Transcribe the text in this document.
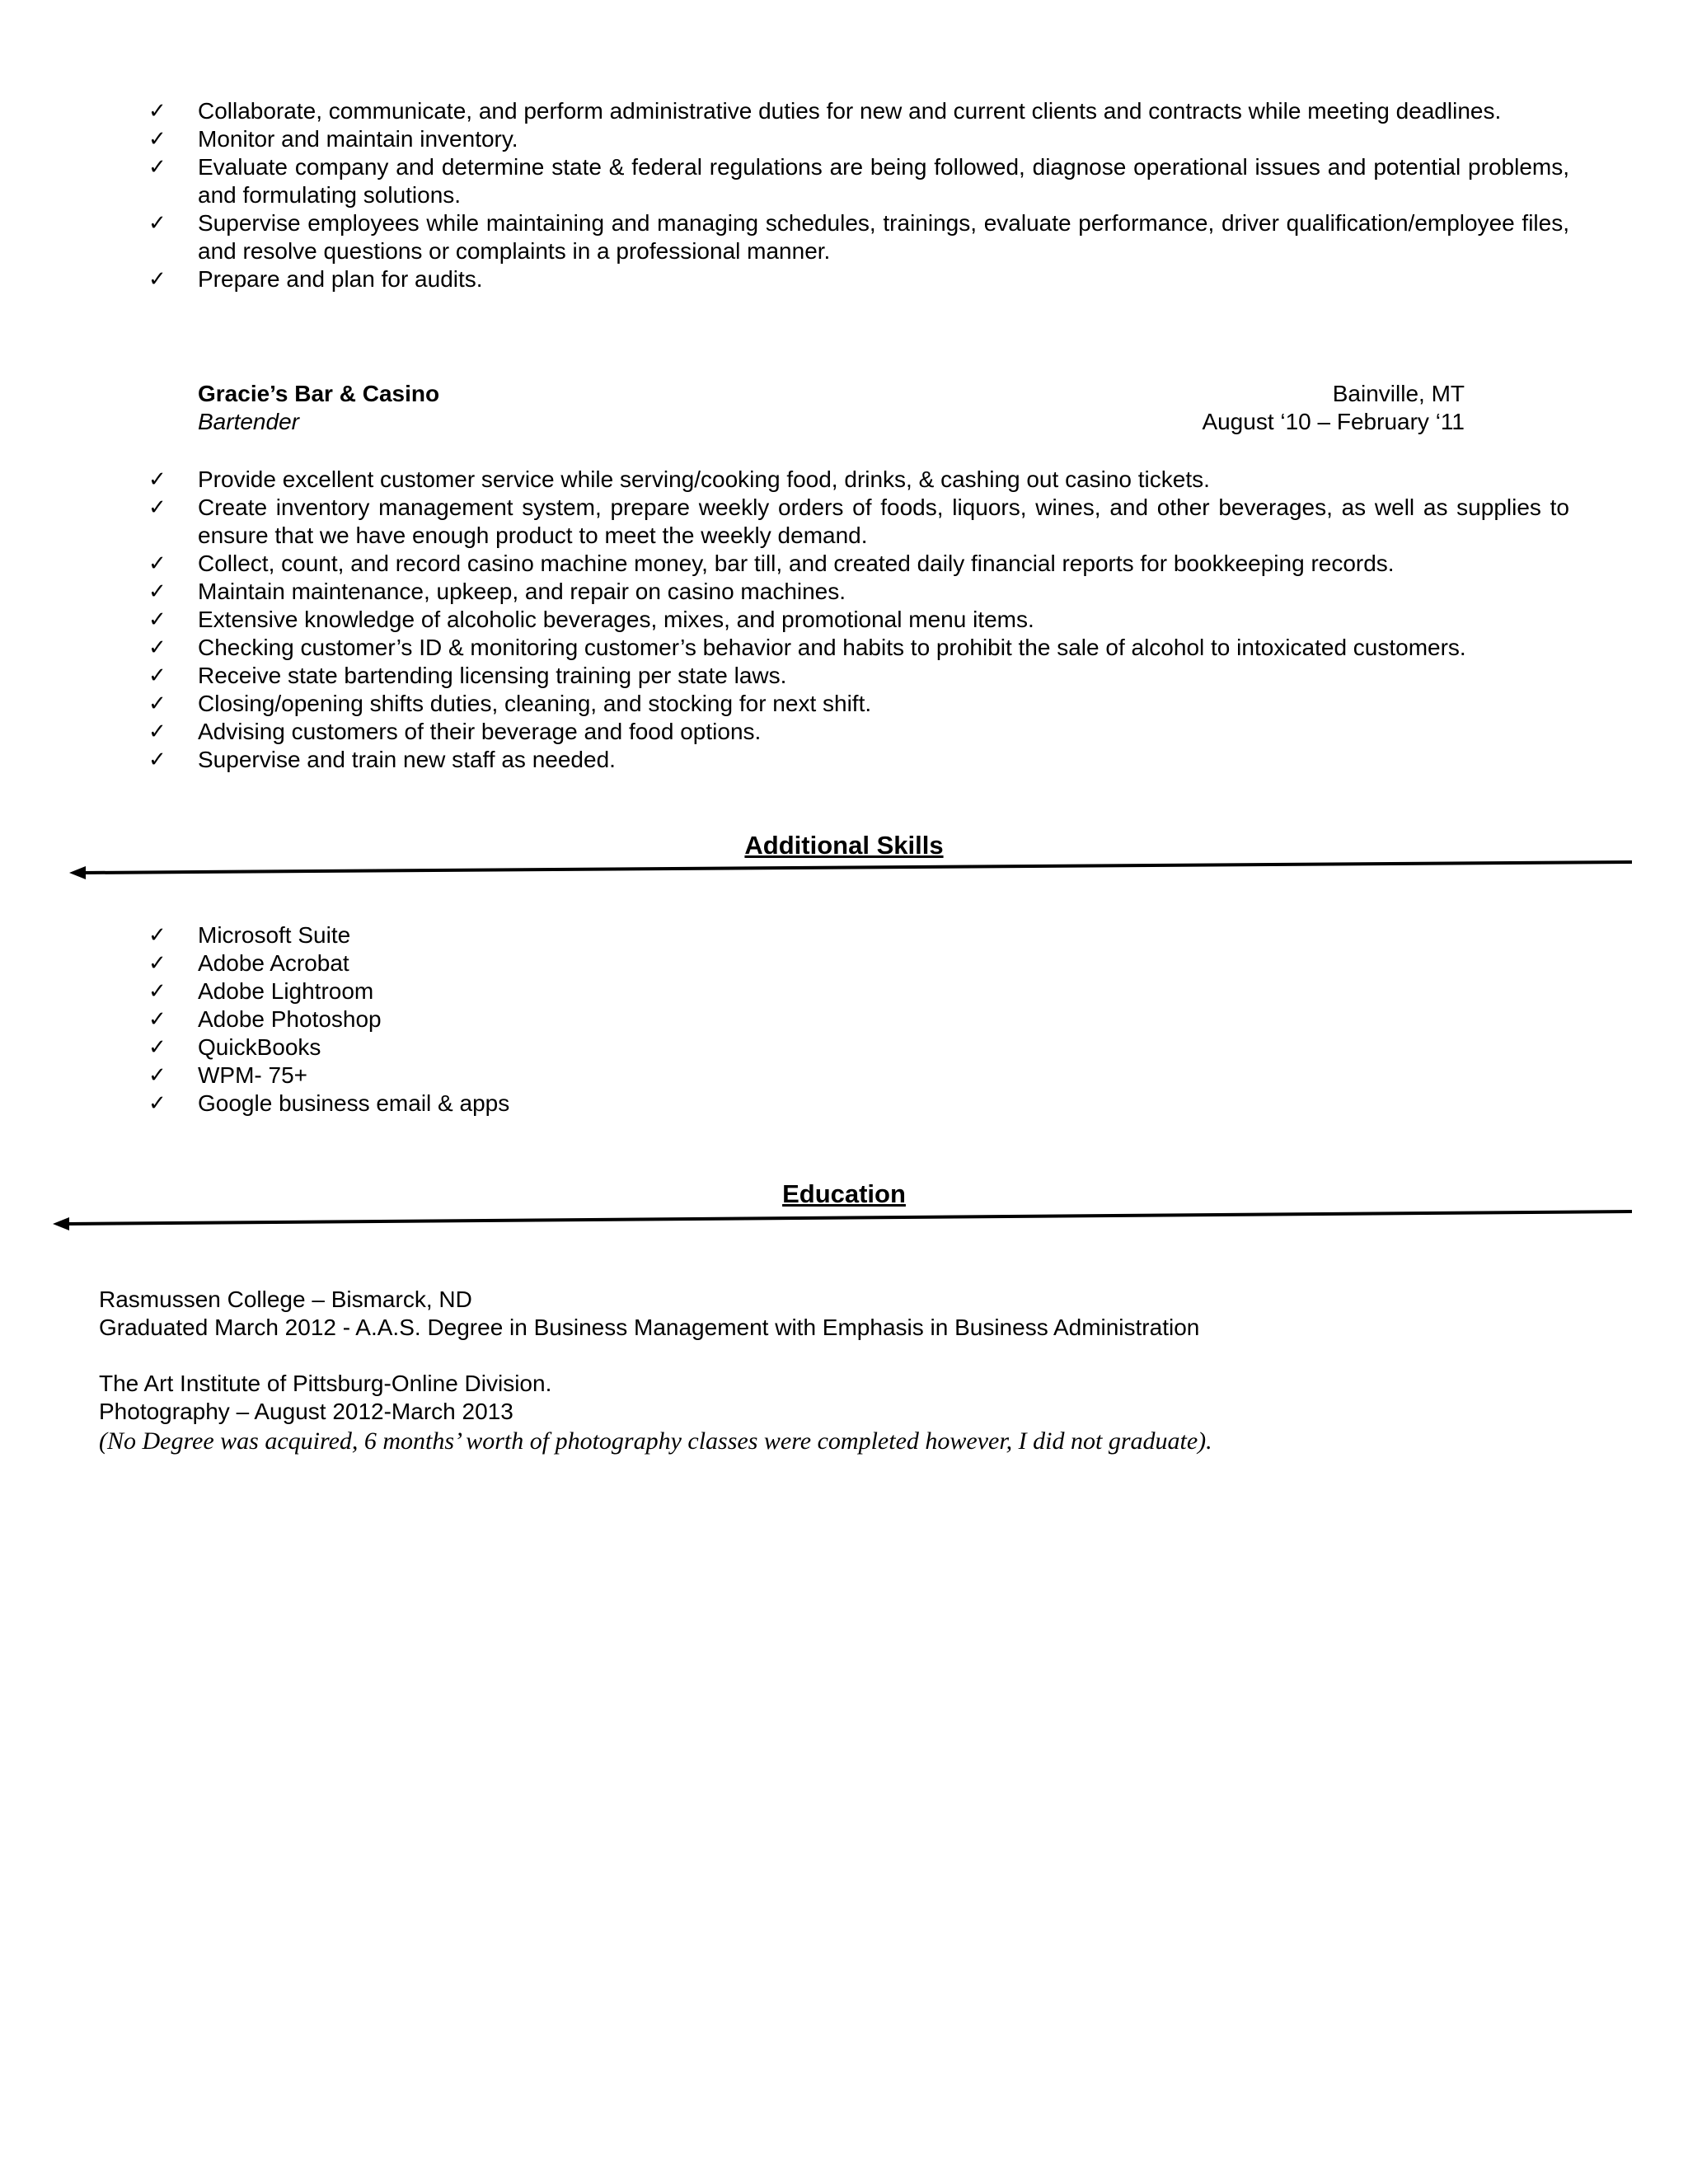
✓ Collaborate, communicate, and perform administrative duties for new and current clients and contracts while meeting deadlines.
✓ Monitor and maintain inventory.
✓ Evaluate company and determine state & federal regulations are being followed, diagnose operational issues and potential problems, and formulating solutions.
✓ Supervise employees while maintaining and managing schedules, trainings, evaluate performance, driver qualification/employee files, and resolve questions or complaints in a professional manner.
✓ Prepare and plan for audits.
Gracie’s Bar & Casino	Bainville, MT
Bartender	August ‘10 – February ‘11
✓ Provide excellent customer service while serving/cooking food, drinks, & cashing out casino tickets.
✓ Create inventory management system, prepare weekly orders of foods, liquors, wines, and other beverages, as well as supplies to ensure that we have enough product to meet the weekly demand.
✓ Collect, count, and record casino machine money, bar till, and created daily financial reports for bookkeeping records.
✓ Maintain maintenance, upkeep, and repair on casino machines.
✓ Extensive knowledge of alcoholic beverages, mixes, and promotional menu items.
✓ Checking customer’s ID & monitoring customer’s behavior and habits to prohibit the sale of alcohol to intoxicated customers.
✓ Receive state bartending licensing training per state laws.
✓ Closing/opening shifts duties, cleaning, and stocking for next shift.
✓ Advising customers of their beverage and food options.
✓ Supervise and train new staff as needed.
Additional Skills
✓ Microsoft Suite
✓ Adobe Acrobat
✓ Adobe Lightroom
✓ Adobe Photoshop
✓ QuickBooks
✓ WPM- 75+
✓ Google business email & apps
Education
Rasmussen College – Bismarck, ND
Graduated March 2012 - A.A.S. Degree in Business Management with Emphasis in Business Administration
The Art Institute of Pittsburg-Online Division.
Photography – August 2012-March 2013
(No Degree was acquired, 6 months’ worth of photography classes were completed however, I did not graduate).
